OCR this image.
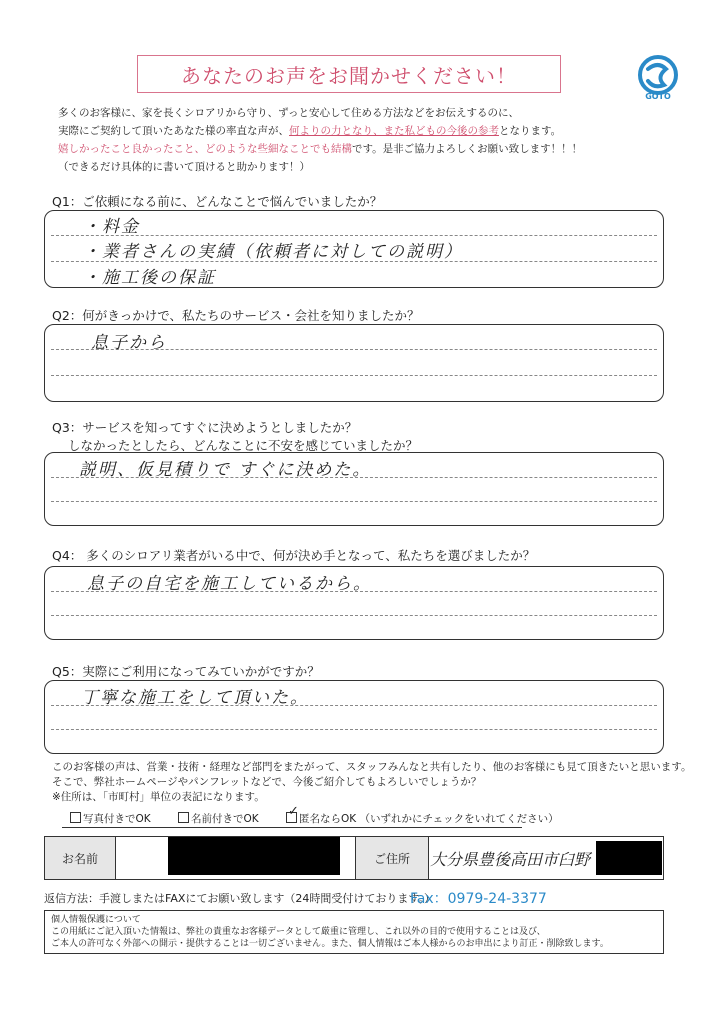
あなたのお声をお聞かせください！
GOTO
多くのお客様に、家を長くシロアリから守り、ずっと安心して住める方法などをお伝えするのに、
実際にご契約して頂いたあなた様の率直な声が、何よりの力となり、また私どもの今後の参考となります。
嬉しかったこと良かったこと、どのような些細なことでも結構です。是非ご協力よろしくお願い致します！！！
（できるだけ具体的に書いて頂けると助かります！）
Q1：ご依頼になる前に、どんなことで悩んでいましたか？
・料金
・業者さんの実績（依頼者に対しての説明）
・施工後の保証
Q2：何がきっかけで、私たちのサービス・会社を知りましたか？
息子から
Q3：サービスを知ってすぐに決めようとしましたか？
しなかったとしたら、どんなことに不安を感じていましたか？
説明、仮見積りで すぐに決めた。
Q4： 多くのシロアリ業者がいる中で、何が決め手となって、私たちを選びましたか？
息子の自宅を施工しているから。
Q5：実際にご利用になってみていかがですか？
丁寧な施工をして頂いた。
このお客様の声は、営業・技術・経理など部門をまたがって、スタッフみんなと共有したり、他のお客様にも見て頂きたいと思います。
そこで、弊社ホームページやパンフレットなどで、今後ご紹介してもよろしいでしょうか？
※住所は、「市町村」単位の表記になります。
写真付きでOK	名前付きでOK ✓ 匿名ならOK （いずれかにチェックをいれてください）
お名前	ご住所	大分県豊後高田市臼野
返信方法：手渡しまたはFAXにてお願い致します（24時間受付けております。）
Fax：0979-24-3377
個人情報保護について
この用紙にご記入頂いた情報は、弊社の貴重なお客様データとして厳重に管理し、これ以外の目的で使用することは及び、
ご本人の許可なく外部への開示・提供することは一切ございません。また、個人情報はご本人様からのお申出により訂正・削除致します。
